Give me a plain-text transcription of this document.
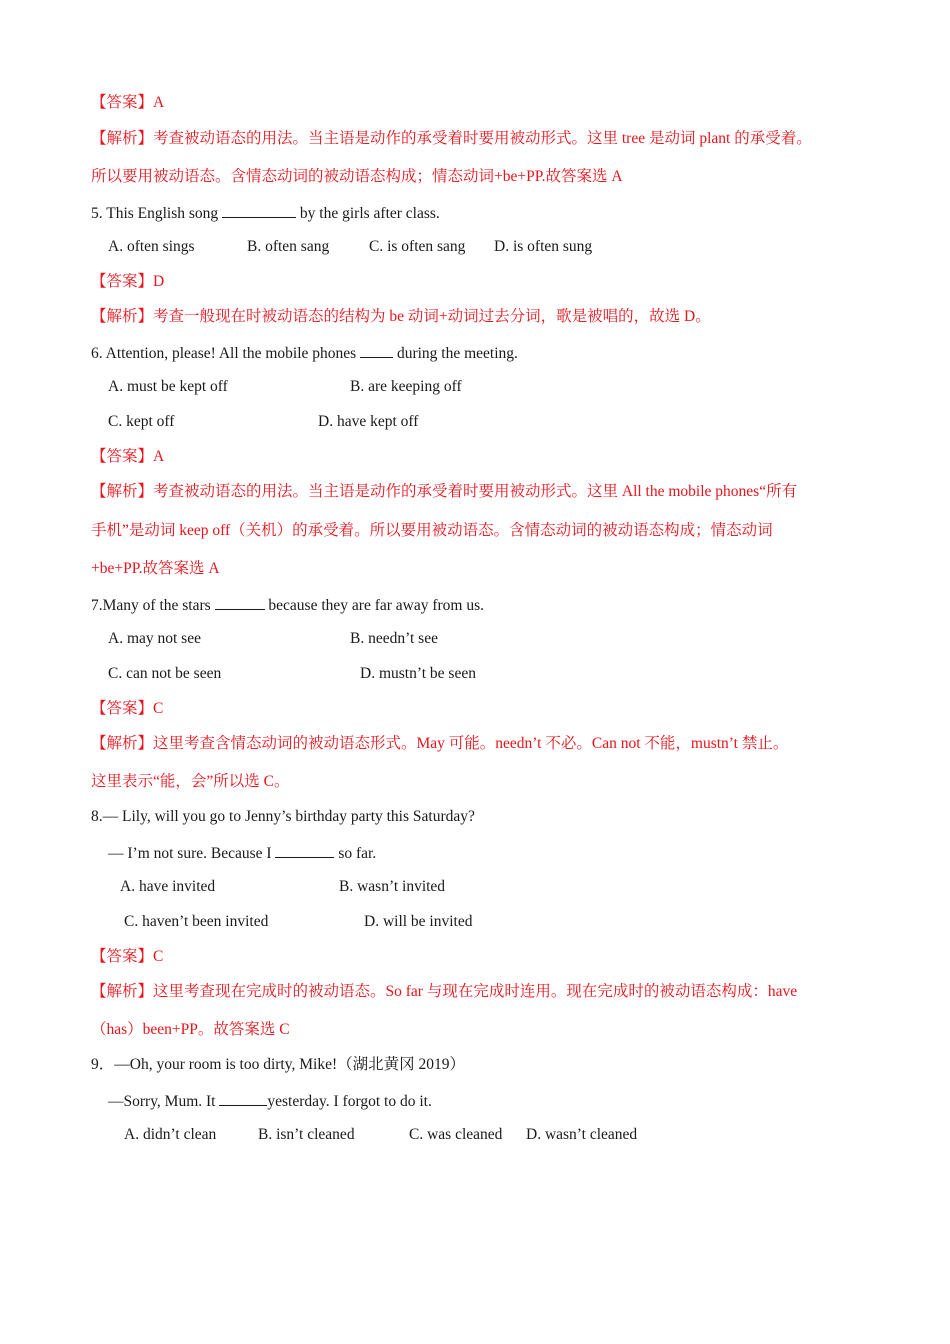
【答案】A
【解析】考查被动语态的用法。当主语是动作的承受着时要用被动形式。这里 tree 是动词 plant 的承受着。
所以要用被动语态。含情态动词的被动语态构成；情态动词+be+PP.故答案选 A
5. This English song	by the girls after class.
A. often sings	B. often sang	C. is often sang D. is often sung
【答案】D
【解析】考查一般现在时被动语态的结构为 be 动词+动词过去分词，歌是被唱的，故选 D。
6. Attention, please! All the mobile phones  during the meeting.
A. must be kept off	B. are keeping off
C. kept off	D. have kept off
【答案】A
【解析】考查被动语态的用法。当主语是动作的承受着时要用被动形式。这里 All the mobile phones“所有
手机”是动词 keep off（关机）的承受着。所以要用被动语态。含情态动词的被动语态构成；情态动词
+be+PP.故答案选 A
7.Many of the stars	because they are far away from us.
A. may not see	B. needn’t see
C. can not be seen	D. mustn’t be seen
【答案】C
【解析】这里考查含情态动词的被动语态形式。May 可能。needn’t 不必。Can not 不能，mustn’t 禁止。
这里表示“能，会”所以选 C。
8.— Lily, will you go to Jenny’s birthday party this Saturday?
— I’m not sure. Because I	so far.
A. have invited	B. wasn’t invited
C. haven’t been invited	D. will be invited
【答案】C
【解析】这里考查现在完成时的被动语态。So far 与现在完成时连用。现在完成时的被动语态构成：have
（has）been+PP。故答案选 C
9．—Oh, your room is too dirty, Mike!（湖北黄冈 2019）
—Sorry, Mum. It	yesterday. I forgot to do it.
A. didn’t clean	B. isn’t cleaned	C. was cleaned D. wasn’t cleaned
